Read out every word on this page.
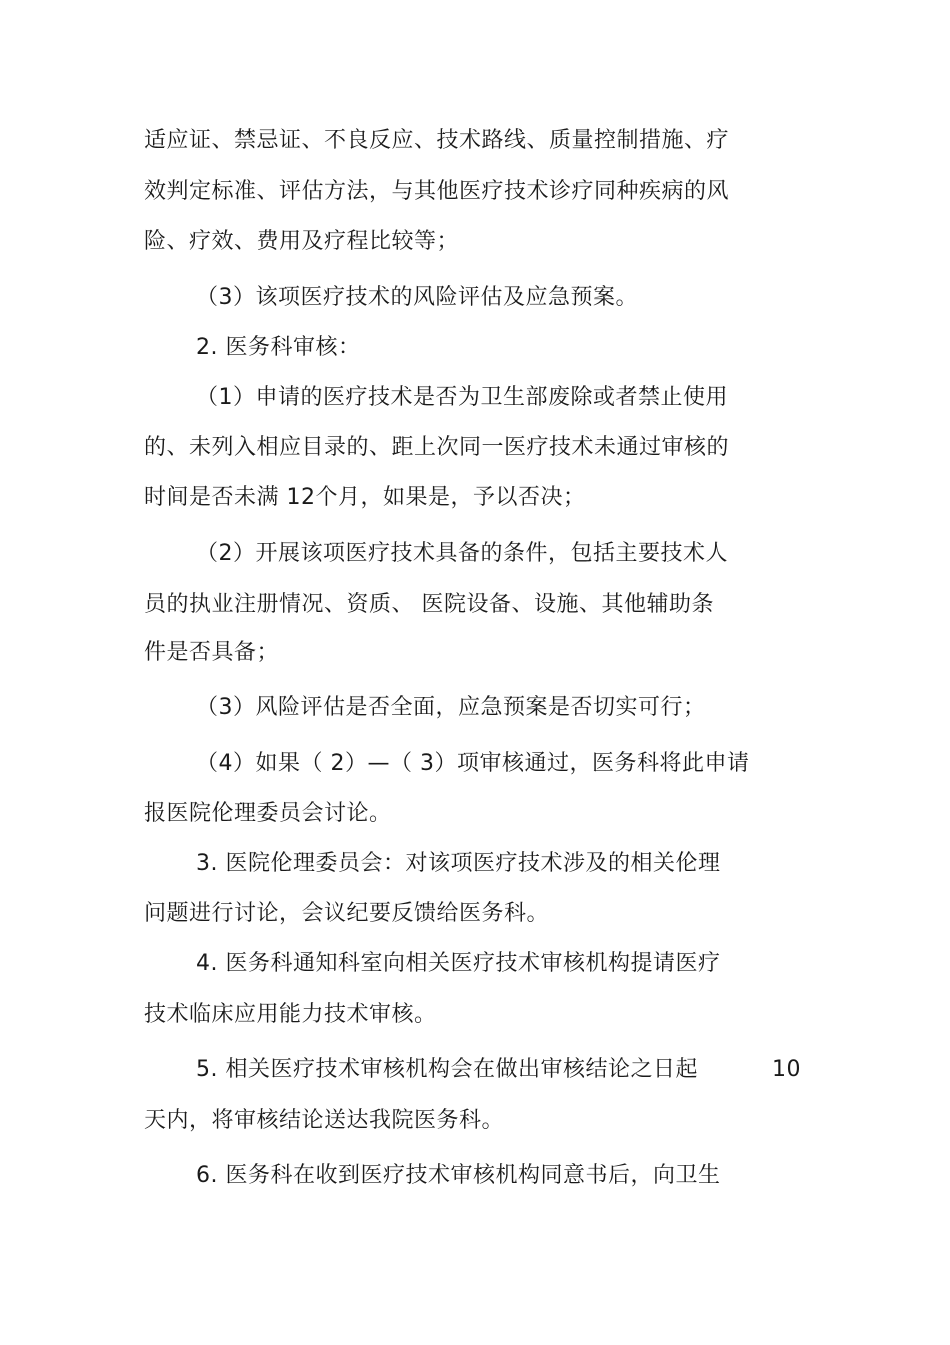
适应证、禁忌证、不良反应、技术路线、质量控制措施、疗
效判定标准、评估方法，与其他医疗技术诊疗同种疾病的风
险、疗效、费用及疗程比较等；
（3）该项医疗技术的风险评估及应急预案。
2. 医务科审核：
（1）申请的医疗技术是否为卫生部废除或者禁止使用
的、未列入相应目录的、距上次同一医疗技术未通过审核的
时间是否未满 12个月，如果是，予以否决；
（2）开展该项医疗技术具备的条件，包括主要技术人
员的执业注册情况、资质、 医院设备、设施、其他辅助条
件是否具备；
（3）风险评估是否全面，应急预案是否切实可行；
（4）如果（ 2）—（ 3）项审核通过，医务科将此申请
报医院伦理委员会讨论。
3. 医院伦理委员会：对该项医疗技术涉及的相关伦理
问题进行讨论，会议纪要反馈给医务科。
4. 医务科通知科室向相关医疗技术审核机构提请医疗
技术临床应用能力技术审核。
5. 相关医疗技术审核机构会在做出审核结论之日起	10
天内，将审核结论送达我院医务科。
6. 医务科在收到医疗技术审核机构同意书后，向卫生
